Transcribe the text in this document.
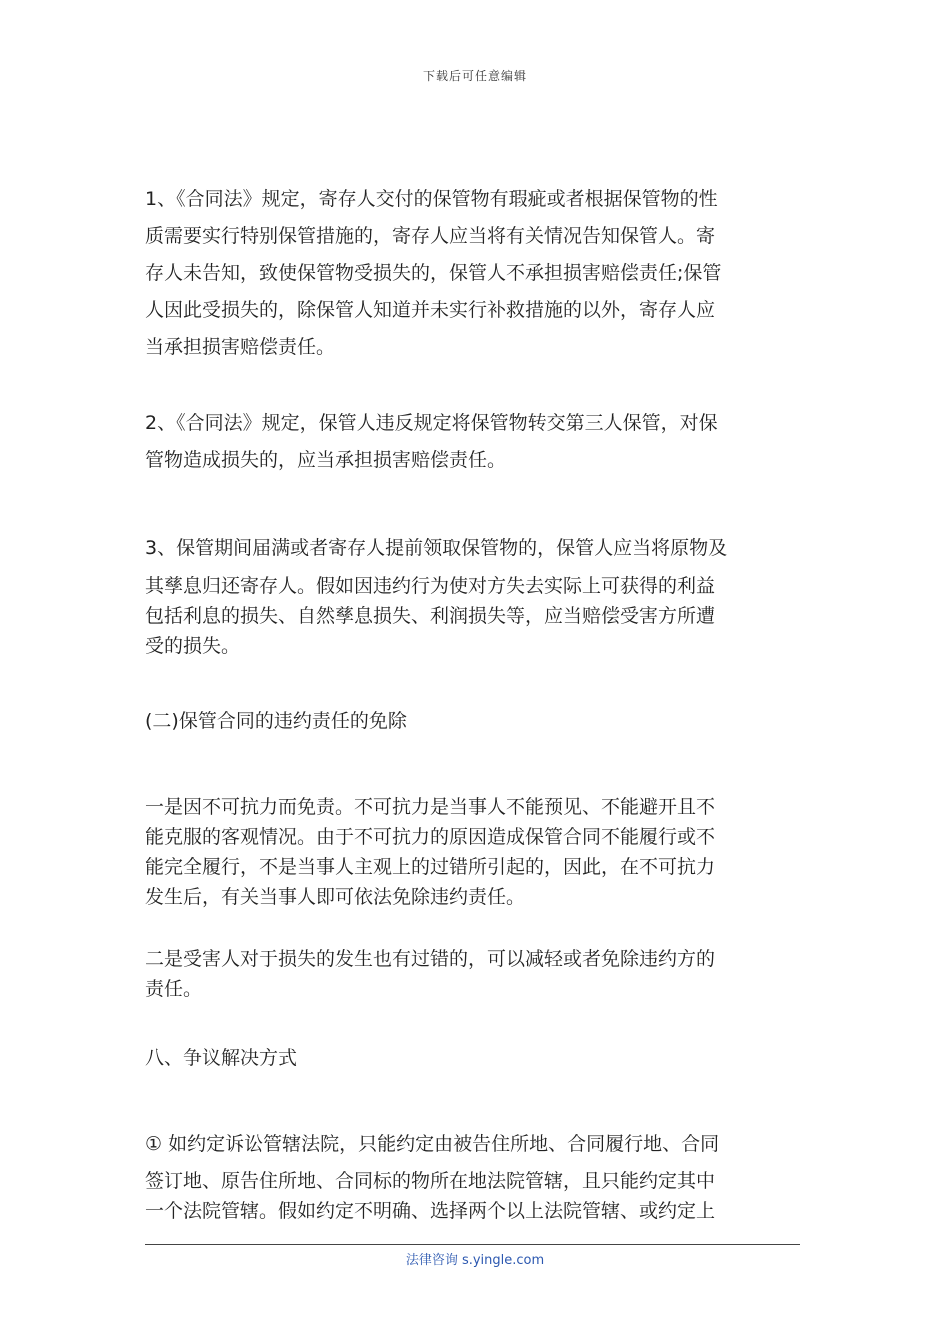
下载后可任意编辑
1、《合同法》规定，寄存人交付的保管物有瑕疵或者根据保管物的性
质需要实行特别保管措施的，寄存人应当将有关情况告知保管人。寄
存人未告知，致使保管物受损失的，保管人不承担损害赔偿责任;保管
人因此受损失的，除保管人知道并未实行补救措施的以外，寄存人应
当承担损害赔偿责任。
2、《合同法》规定，保管人违反规定将保管物转交第三人保管，对保
管物造成损失的，应当承担损害赔偿责任。
3、保管期间届满或者寄存人提前领取保管物的，保管人应当将原物及
其孳息归还寄存人。假如因违约行为使对方失去实际上可获得的利益
包括利息的损失、自然孳息损失、利润损失等，应当赔偿受害方所遭
受的损失。
(二)保管合同的违约责任的免除
一是因不可抗力而免责。不可抗力是当事人不能预见、不能避开且不
能克服的客观情况。由于不可抗力的原因造成保管合同不能履行或不
能完全履行，不是当事人主观上的过错所引起的，因此，在不可抗力
发生后，有关当事人即可依法免除违约责任。
二是受害人对于损失的发生也有过错的，可以减轻或者免除违约方的
责任。
八、争议解决方式
① 如约定诉讼管辖法院，只能约定由被告住所地、合同履行地、合同
签订地、原告住所地、合同标的物所在地法院管辖，且只能约定其中
一个法院管辖。假如约定不明确、选择两个以上法院管辖、或约定上
法律咨询 s.yingle.com
